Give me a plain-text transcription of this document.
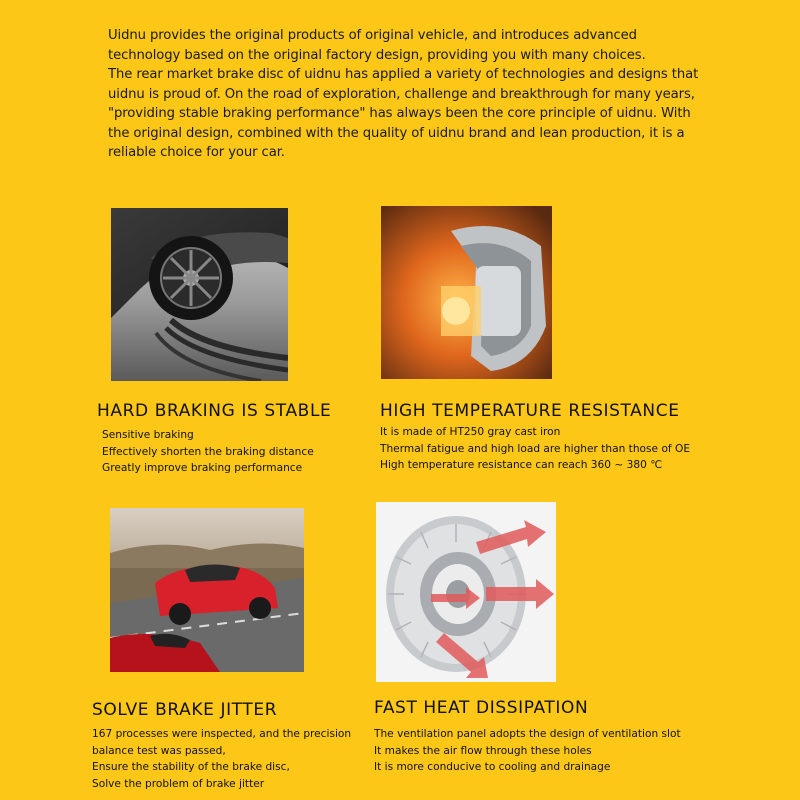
Uidnu provides the original products of original vehicle, and introduces advanced technology based on the original factory design, providing you with many choices.

The rear market brake disc of uidnu has applied a variety of technologies and designs that uidnu is proud of. On the road of exploration, challenge and breakthrough for many years, "providing stable braking performance" has always been the core principle of uidnu. With the original design, combined with the quality of uidnu brand and lean production, it is a reliable choice for your car.

HARD BRAKING IS STABLE
Sensitive braking
Effectively shorten the braking distance
Greatly improve braking performance
HIGH TEMPERATURE RESISTANCE
It is made of HT250 gray cast iron
Thermal fatigue and high load are higher than those of OE
High temperature resistance can reach 360 ~ 380 ℃
SOLVE BRAKE JITTER
167 processes were inspected, and the precision
balance test was passed,
Ensure the stability of the brake disc,
Solve the problem of brake jitter
FAST HEAT DISSIPATION
The ventilation panel adopts the design of ventilation slot
It makes the air flow through these holes
It is more conducive to cooling and drainage
